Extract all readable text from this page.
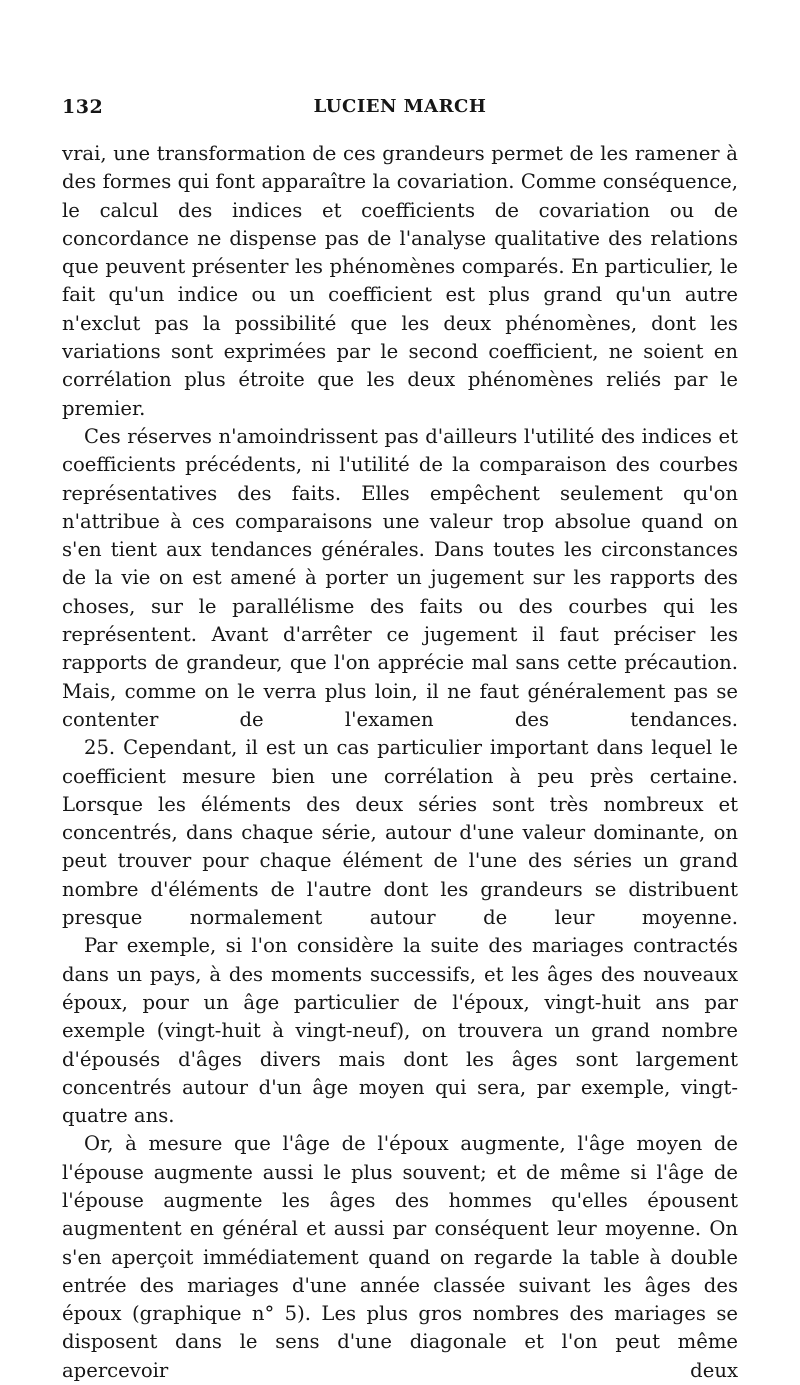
132	LUCIEN MARCH

vrai, une transformation de ces grandeurs permet de les ramener à des formes qui font apparaître la covariation. Comme conséquence, le calcul des indices et coefficients de covariation ou de concordance ne dispense pas de l'analyse qualitative des relations que peuvent présenter les phénomènes comparés. En particulier, le fait qu'un indice ou un coefficient est plus grand qu'un autre n'exclut pas la possibilité que les deux phénomènes, dont les variations sont exprimées par le second coefficient, ne soient en corrélation plus étroite que les deux phénomènes reliés par le premier.

Ces réserves n'amoindrissent pas d'ailleurs l'utilité des indices et coefficients précédents, ni l'utilité de la comparaison des courbes représentatives des faits. Elles empêchent seulement qu'on n'attribue à ces comparaisons une valeur trop absolue quand on s'en tient aux tendances générales. Dans toutes les circonstances de la vie on est amené à porter un jugement sur les rapports des choses, sur le parallélisme des faits ou des courbes qui les représentent. Avant d'arrêter ce jugement il faut préciser les rapports de grandeur, que l'on apprécie mal sans cette précaution. Mais, comme on le verra plus loin, il ne faut généralement pas se contenter de l'examen des tendances.

25. Cependant, il est un cas particulier important dans lequel le coefficient mesure bien une corrélation à peu près certaine. Lorsque les éléments des deux séries sont très nombreux et concentrés, dans chaque série, autour d'une valeur dominante, on peut trouver pour chaque élément de l'une des séries un grand nombre d'éléments de l'autre dont les grandeurs se distribuent presque normalement autour de leur moyenne.

Par exemple, si l'on considère la suite des mariages contractés dans un pays, à des moments successifs, et les âges des nouveaux époux, pour un âge particulier de l'époux, vingt-huit ans par exemple (vingt-huit à vingt-neuf), on trouvera un grand nombre d'épousés d'âges divers mais dont les âges sont largement concentrés autour d'un âge moyen qui sera, par exemple, vingt-quatre ans.

Or, à mesure que l'âge de l'époux augmente, l'âge moyen de l'épouse augmente aussi le plus souvent; et de même si l'âge de l'épouse augmente les âges des hommes qu'elles épousent augmentent en général et aussi par conséquent leur moyenne. On s'en aperçoit immédiatement quand on regarde la table à double entrée des mariages d'une année classée suivant les âges des époux (graphique n° 5). Les plus gros nombres des mariages se disposent dans le sens d'une diagonale et l'on peut même apercevoir deux
